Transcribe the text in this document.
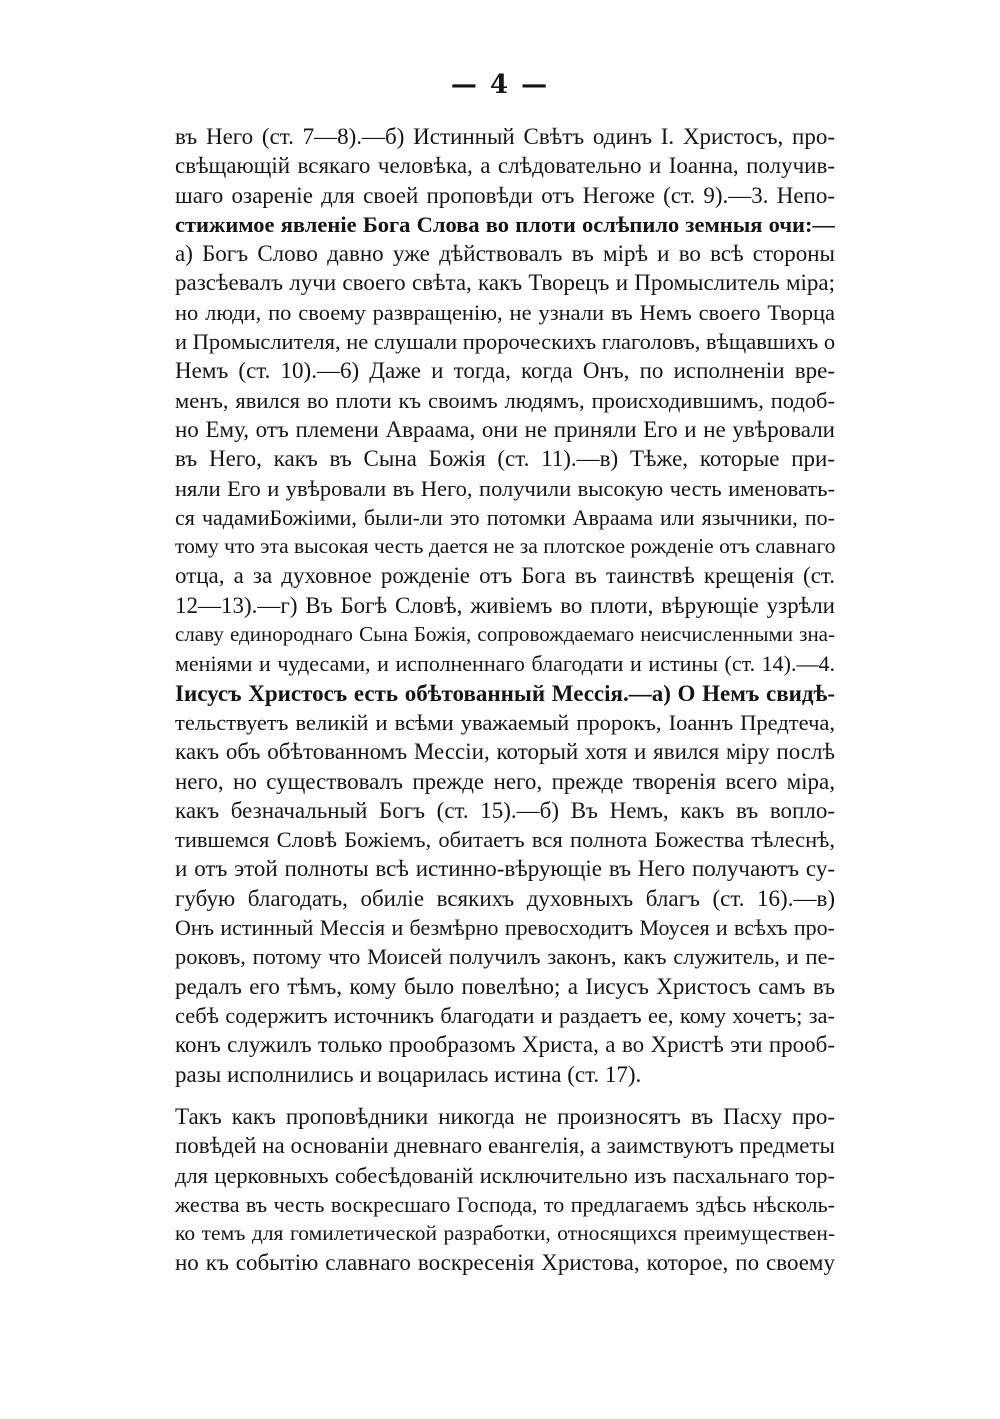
— 4 —
въ Него (ст. 7—8).—б) Истинный Свѣтъ одинъ І. Христосъ, про-
свѣщающій всякаго человѣка, а слѣдовательно и Іоанна, получив-
шаго озареніе для своей проповѣди отъ Негоже (ст. 9).—3. Непо-
стижимое явленіе Бога Слова во плоти ослѣпило земныя очи:—
а) Богъ Слово давно уже дѣйствовалъ въ мірѣ и во всѣ стороны
разсѣевалъ лучи своего свѣта, какъ Творецъ и Промыслитель міра;
но люди, по своему развращенію, не узнали въ Немъ своего Творца
и Промыслителя, не слушали пророческихъ глаголовъ, вѣщавшихъ о
Немъ (ст. 10).—6) Даже и тогда, когда Онъ, по исполненіи вре-
менъ, явился во плоти къ своимъ людямъ, происходившимъ, подоб-
но Ему, отъ племени Авраама, они не приняли Его и не увѣровали
въ Него, какъ въ Сына Божія (ст. 11).—в) Тѣже, которые при-
няли Его и увѣровали въ Него, получили высокую честь именовать-
ся чадамиБожіими, были-ли это потомки Авраама или язычники, по-
тому что эта высокая честь дается не за плотское рожденіе отъ славнаго
отца, а за духовное рожденіе отъ Бога въ таинствѣ крещенія (ст.
12—13).—г) Въ Богѣ Словѣ, живіемъ во плоти, вѣрующіе узрѣли
славу единороднаго Сына Божія, сопровождаемаго неисчисленными зна-
меніями и чудесами, и исполненнаго благодати и истины (ст. 14).—4.
Іисусъ Христосъ есть обѣтованный Мессія.—а) О Немъ свидѣ-
тельствуетъ великій и всѣми уважаемый пророкъ, Іоаннъ Предтеча,
какъ объ обѣтованномъ Мессіи, который хотя и явился міру послѣ
него, но существовалъ прежде него, прежде творенія всего міра,
какъ безначальный Богъ (ст. 15).—б) Въ Немъ, какъ въ вопло-
тившемся Словѣ Божіемъ, обитаетъ вся полнота Божества тѣлеснѣ,
и отъ этой полноты всѣ истинно-вѣрующіе въ Него получаютъ су-
губую благодать, обиліе всякихъ духовныхъ благъ (ст. 16).—в)
Онъ истинный Мессія и безмѣрно превосходитъ Моусея и всѣхъ про-
роковъ, потому что Моисей получилъ законъ, какъ служитель, и пе-
редалъ его тѣмъ, кому было повелѣно; а Іисусъ Христосъ самъ въ
себѣ содержитъ источникъ благодати и раздаетъ ее, кому хочетъ; за-
конъ служилъ только прообразомъ Христа, а во Христѣ эти прооб-
разы исполнились и воцарилась истина (ст. 17).
Такъ какъ проповѣдники никогда не произносятъ въ Пасху про-
повѣдей на основаніи дневнаго евангелія, а заимствуютъ предметы
для церковныхъ собесѣдованій исключительно изъ пасхальнаго тор-
жества въ честь воскресшаго Господа, то предлагаемъ здѣсь нѣсколь-
ко темъ для гомилетической разработки, относящихся преимуществен-
но къ событію славнаго воскресенія Христова, которое, по своему
